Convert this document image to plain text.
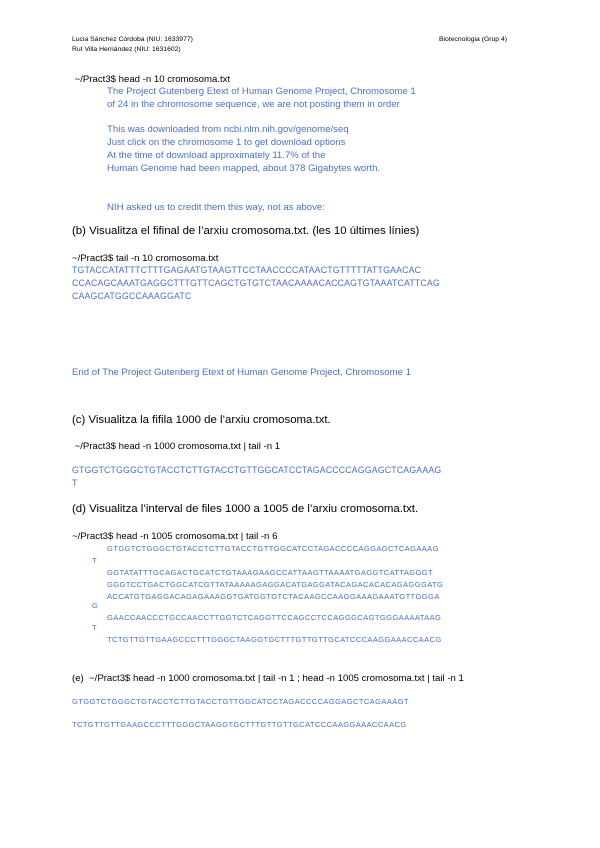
Lucia Sánchez Córdoba (NIU: 1633977)
Rut Villa Hernández (NIU: 1631602)
Biotecnologia (Grup 4)
~/Pract3$ head -n 10 cromosoma.txt
The Project Gutenberg Etext of Human Genome Project, Chromosome 1
of 24 in the chromosome sequence, we are not posting them in order
This was downloaded from ncbi.nlm.nih.gov/genome/seq
Just click on the chromosome 1 to get download options
At the time of download approximately 11.7% of the
Human Genome had been mapped, about 378 Gigabytes worth.
NIH asked us to credit them this way, not as above:
(b) Visualitza el fifinal de l’arxiu cromosoma.txt. (les 10 últimes línies)
~/Pract3$ tail -n 10 cromosoma.txt
TGTACCATATTTCTTTGAGAATGTAAGTTCCTAACCCCATAACTGTTTTTATTGAACAC
CCACAGCAAATGAGGCTTTGTTCAGCTGTGTCTAACAAAACACCAGTGTAAATCATTCAG
CAAGCATGGCCAAAGGATC
End of The Project Gutenberg Etext of Human Genome Project, Chromosome 1
(c) Visualitza la fifila 1000 de l’arxiu cromosoma.txt.
~/Pract3$ head -n 1000 cromosoma.txt | tail -n 1
GTGGTCTGGGCTGTACCTCTTGTACCTGTTGGCATCCTAGACCCCAGGAGCTCAGAAAG
T
(d) Visualitza l’interval de files 1000 a 1005 de l’arxiu cromosoma.txt.
~/Pract3$ head -n 1005 cromosoma.txt | tail -n 6
GTGGTCTGGGCTGTACCTCTTGTACCTGTTGGCATCCTAGACCCCAGGAGCTCAGAAAG
T
GGTATATTTGCAGACTGCATCTGTAAAGAAGCCATTAAGTTAAAATGAGGTCATTAGGGT
GGGTCCTGACTGGCATCGTTATAAAAAGAGGACATGAGGATACAGACACACAGAGGGATG
ACCATGTGAGGACAGAGAAAGGTGATGGTGTCTACAAGCCAAGGAAAGAAATGTTGGGA
G
GAACCAACCCTGCCAACCTTGGTCTCAGGTTCCAGCCTCCAGGGCAGTGGGAAAATAAG
T
TCTGTTGTTGAAGCCCTTTGGGCTAAGGTGCTTTGTTGTTGCATCCCAAGGAAACCAACG
(e)  ~/Pract3$ head -n 1000 cromosoma.txt | tail -n 1 ; head -n 1005 cromosoma.txt | tail -n 1
GTGGTCTGGGCTGTACCTCTTGTACCTGTTGGCATCCTAGACCCCAGGAGCTCAGAAAGT
TCTGTTGTTGAAGCCCTTTGGGCTAAGGTGCTTTGTTGTTGCATCCCAAGGAAACCAACG
